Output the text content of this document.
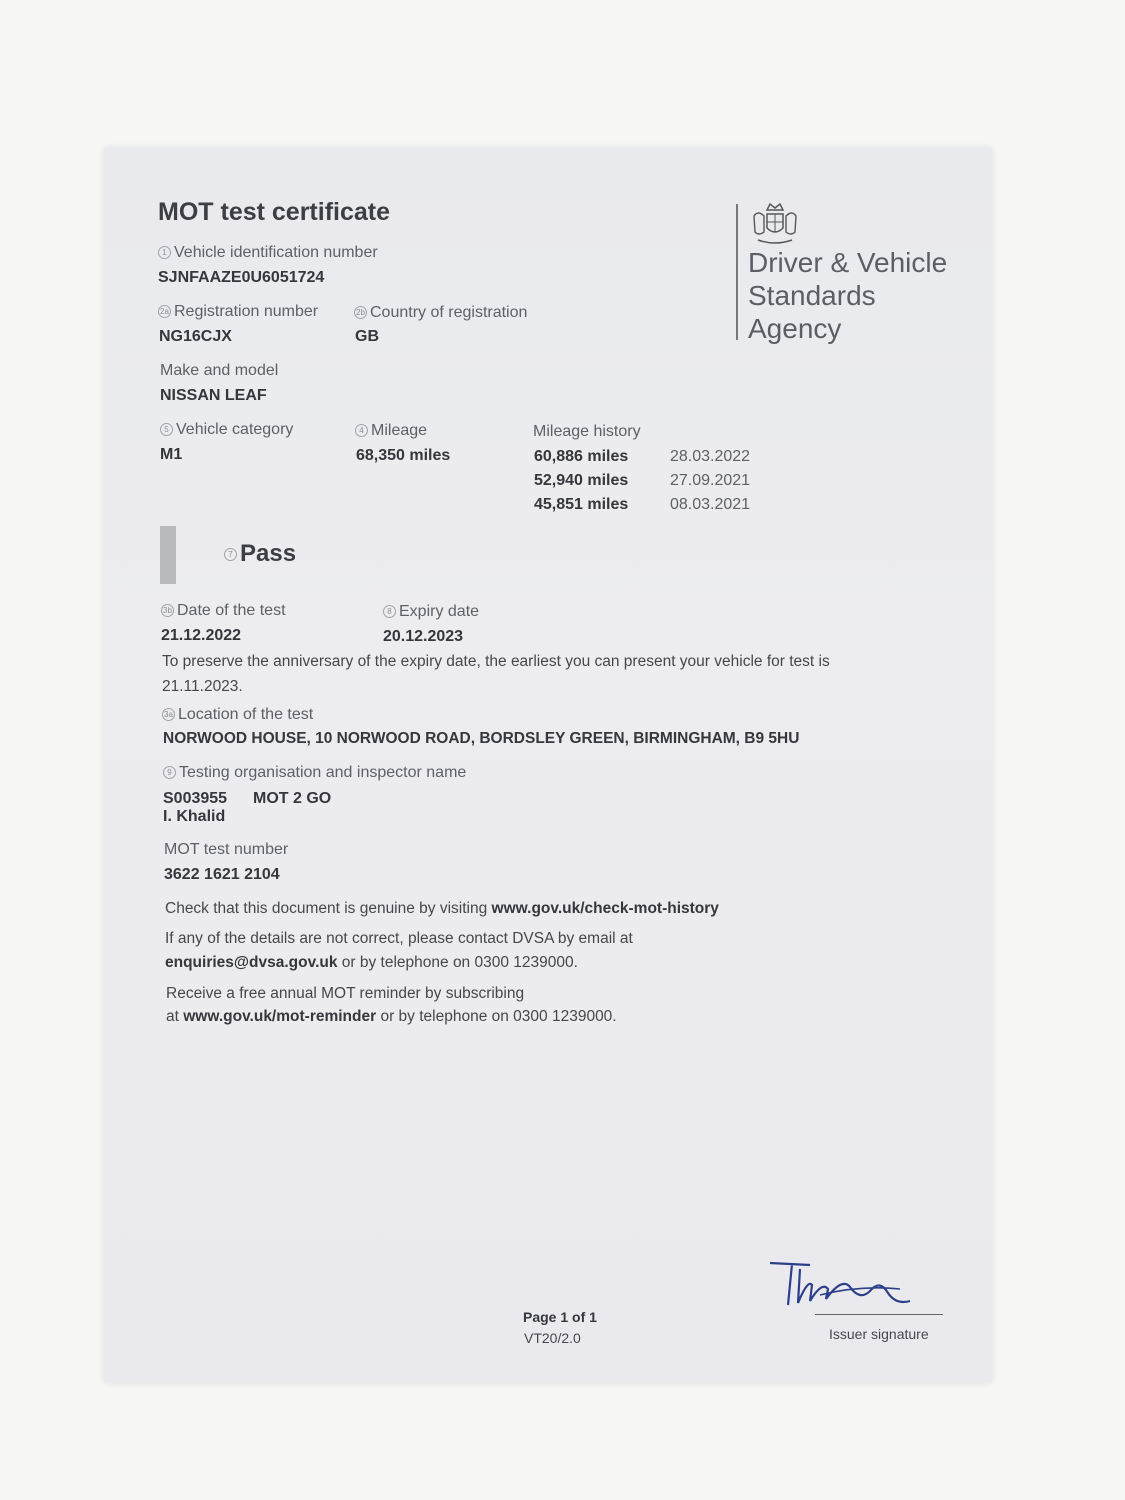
MOT test certificate
1 Vehicle identification number
SJNFAAZE0U6051724
2a Registration number
NG16CJX
2b Country of registration
GB
Make and model
NISSAN LEAF
5 Vehicle category
M1
4 Mileage
68,350 miles
Mileage history
60,886 miles	28.03.2022
52,940 miles	27.09.2021
45,851 miles	08.03.2021
Driver & Vehicle
Standards
Agency
7 Pass
3b Date of the test
21.12.2022
8 Expiry date
20.12.2023
To preserve the anniversary of the expiry date, the earliest you can present your vehicle for test is
21.11.2023.
3a Location of the test
NORWOOD HOUSE, 10 NORWOOD ROAD, BORDSLEY GREEN, BIRMINGHAM, B9 5HU
9 Testing organisation and inspector name
S003955 MOT 2 GO
I. Khalid
MOT test number
3622 1621 2104
Check that this document is genuine by visiting www.gov.uk/check-mot-history
If any of the details are not correct, please contact DVSA by email at
enquiries@dvsa.gov.uk or by telephone on 0300 1239000.
Receive a free annual MOT reminder by subscribing
at www.gov.uk/mot-reminder or by telephone on 0300 1239000.
Page 1 of 1
VT20/2.0	Issuer signature
